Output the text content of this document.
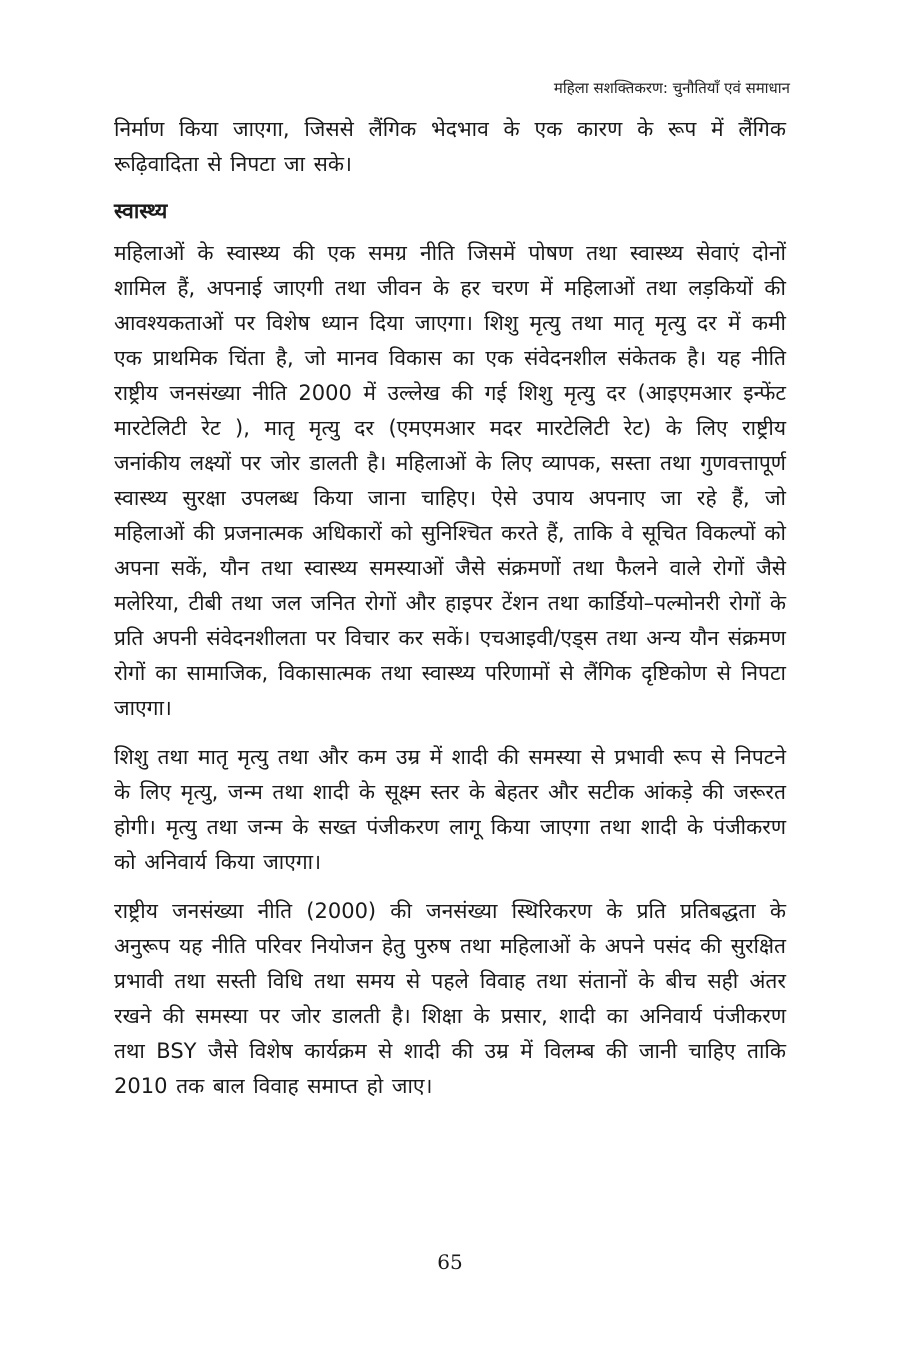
महिला सशक्तिकरण: चुनौतियाँ एवं समाधान

निर्माण किया जाएगा, जिससे लैंगिक भेदभाव के एक कारण के रूप में लैंगिक रूढ़िवादिता से निपटा जा सके।

स्वास्थ्य

महिलाओं के स्वास्थ्य की एक समग्र नीति जिसमें पोषण तथा स्वास्थ्य सेवाएं दोनों शामिल हैं, अपनाई जाएगी तथा जीवन के हर चरण में महिलाओं तथा लड़कियों की आवश्यकताओं पर विशेष ध्यान दिया जाएगा। शिशु मृत्यु तथा मातृ मृत्यु दर में कमी एक प्राथमिक चिंता है, जो मानव विकास का एक संवेदनशील संकेतक है। यह नीति राष्ट्रीय जनसंख्या नीति 2000 में उल्लेख की गई शिशु मृत्यु दर (आइएमआर इन्फेंट मारटेलिटी रेट ), मातृ मृत्यु दर (एमएमआर मदर मारटेलिटी रेट) के लिए राष्ट्रीय जनांकीय लक्ष्यों पर जोर डालती है। महिलाओं के लिए व्यापक, सस्ता तथा गुणवत्तापूर्ण स्वास्थ्य सुरक्षा उपलब्ध किया जाना चाहिए। ऐसे उपाय अपनाए जा रहे हैं, जो महिलाओं की प्रजनात्मक अधिकारों को सुनिश्चित करते हैं, ताकि वे सूचित विकल्पों को अपना सकें, यौन तथा स्वास्थ्य समस्याओं जैसे संक्रमणों तथा फैलने वाले रोगों जैसे मलेरिया, टीबी तथा जल जनित रोगों और हाइपर टेंशन तथा कार्डियो–पल्मोनरी रोगों के प्रति अपनी संवेदनशीलता पर विचार कर सकें। एचआइवी/एड्स तथा अन्य यौन संक्रमण रोगों का सामाजिक, विकासात्मक तथा स्वास्थ्य परिणामों से लैंगिक दृष्टिकोण से निपटा जाएगा।

शिशु तथा मातृ मृत्यु तथा और कम उम्र में शादी की समस्या से प्रभावी रूप से निपटने के लिए मृत्यु, जन्म तथा शादी के सूक्ष्म स्तर के बेहतर और सटीक आंकड़े की जरूरत होगी। मृत्यु तथा जन्म के सख्त पंजीकरण लागू किया जाएगा तथा शादी के पंजीकरण को अनिवार्य किया जाएगा।

राष्ट्रीय जनसंख्या नीति (2000) की जनसंख्या स्थिरिकरण के प्रति प्रतिबद्धता के अनुरूप यह नीति परिवर नियोजन हेतु पुरुष तथा महिलाओं के अपने पसंद की सुरक्षित प्रभावी तथा सस्ती विधि तथा समय से पहले विवाह तथा संतानों के बीच सही अंतर रखने की समस्या पर जोर डालती है। शिक्षा के प्रसार, शादी का अनिवार्य पंजीकरण तथा BSY जैसे विशेष कार्यक्रम से शादी की उम्र में विलम्ब की जानी चाहिए ताकि 2010 तक बाल विवाह समाप्त हो जाए।

65
